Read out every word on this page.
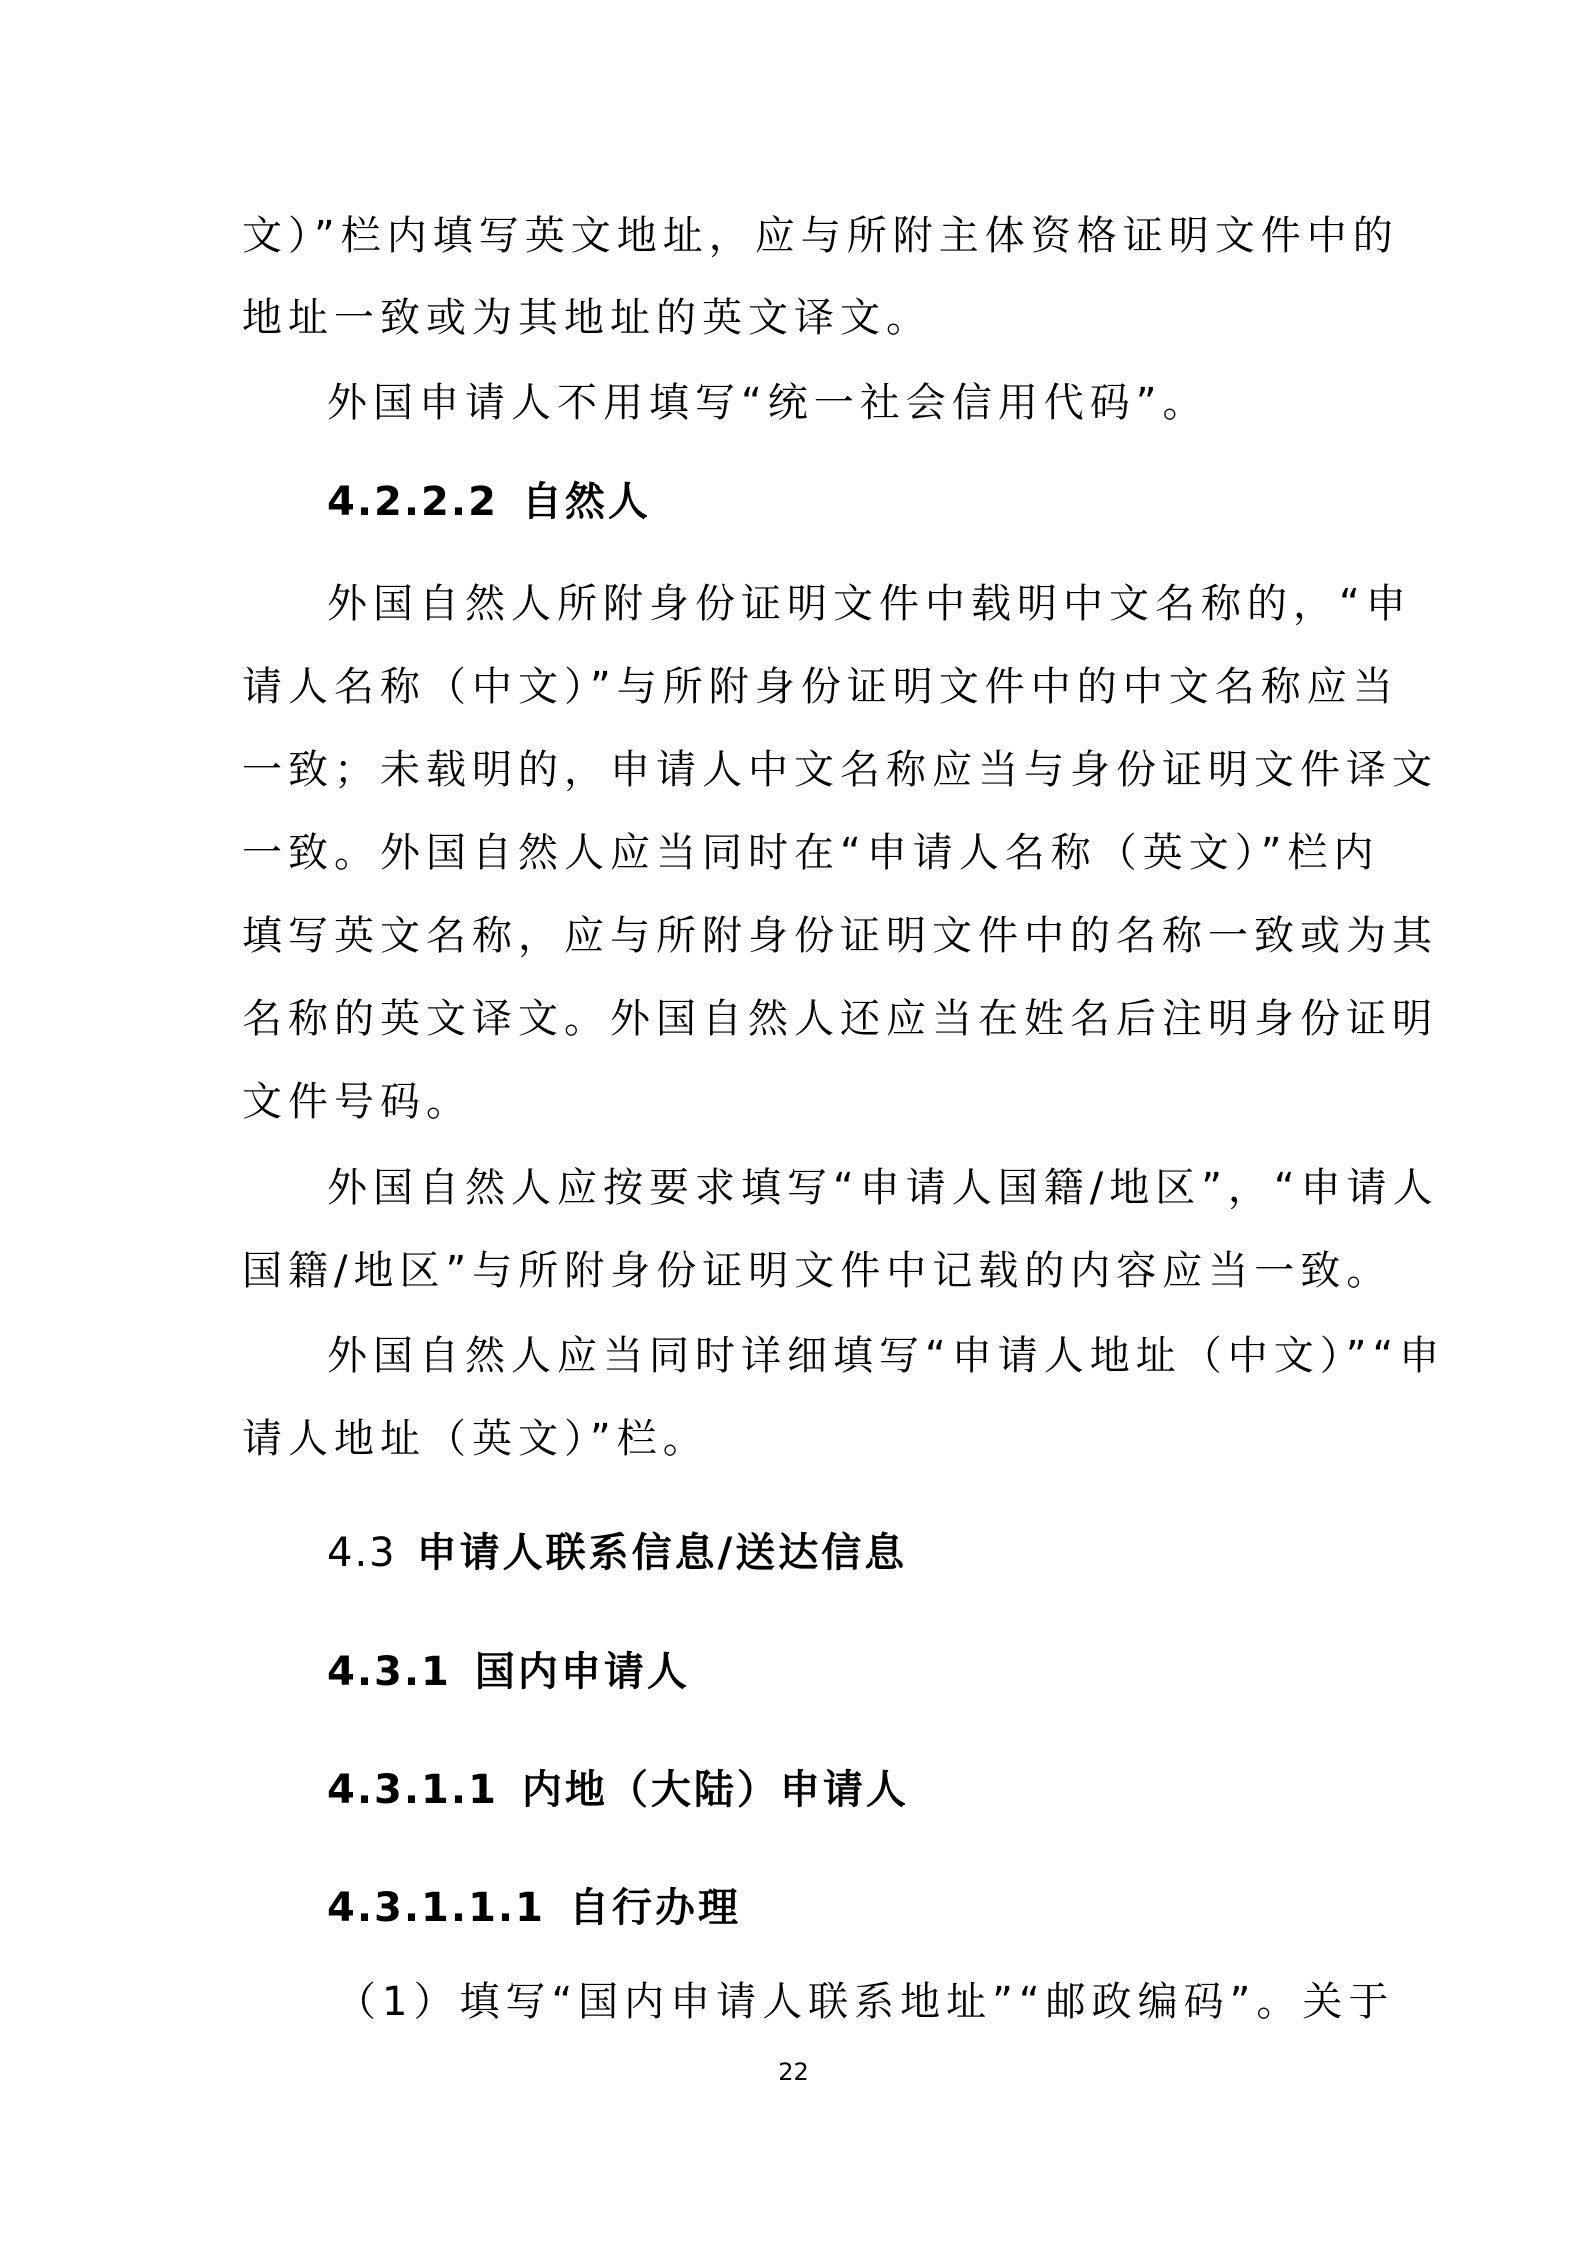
文）”栏内填写英文地址，应与所附主体资格证明文件中的
地址一致或为其地址的英文译文。
外国申请人不用填写“统一社会信用代码”。
4.2.2.2 自然人
外国自然人所附身份证明文件中载明中文名称的，“申
请人名称（中文）”与所附身份证明文件中的中文名称应当
一致；未载明的，申请人中文名称应当与身份证明文件译文
一致。外国自然人应当同时在“申请人名称（英文）”栏内
填写英文名称，应与所附身份证明文件中的名称一致或为其
名称的英文译文。外国自然人还应当在姓名后注明身份证明
文件号码。
外国自然人应按要求填写“申请人国籍/地区”，“申请人
国籍/地区”与所附身份证明文件中记载的内容应当一致。
外国自然人应当同时详细填写“申请人地址（中文）”“申
请人地址（英文）”栏。
4.3 申请人联系信息/送达信息
4.3.1 国内申请人
4.3.1.1 内地（大陆）申请人
4.3.1.1.1 自行办理
（1）填写“国内申请人联系地址”“邮政编码”。关于
22
